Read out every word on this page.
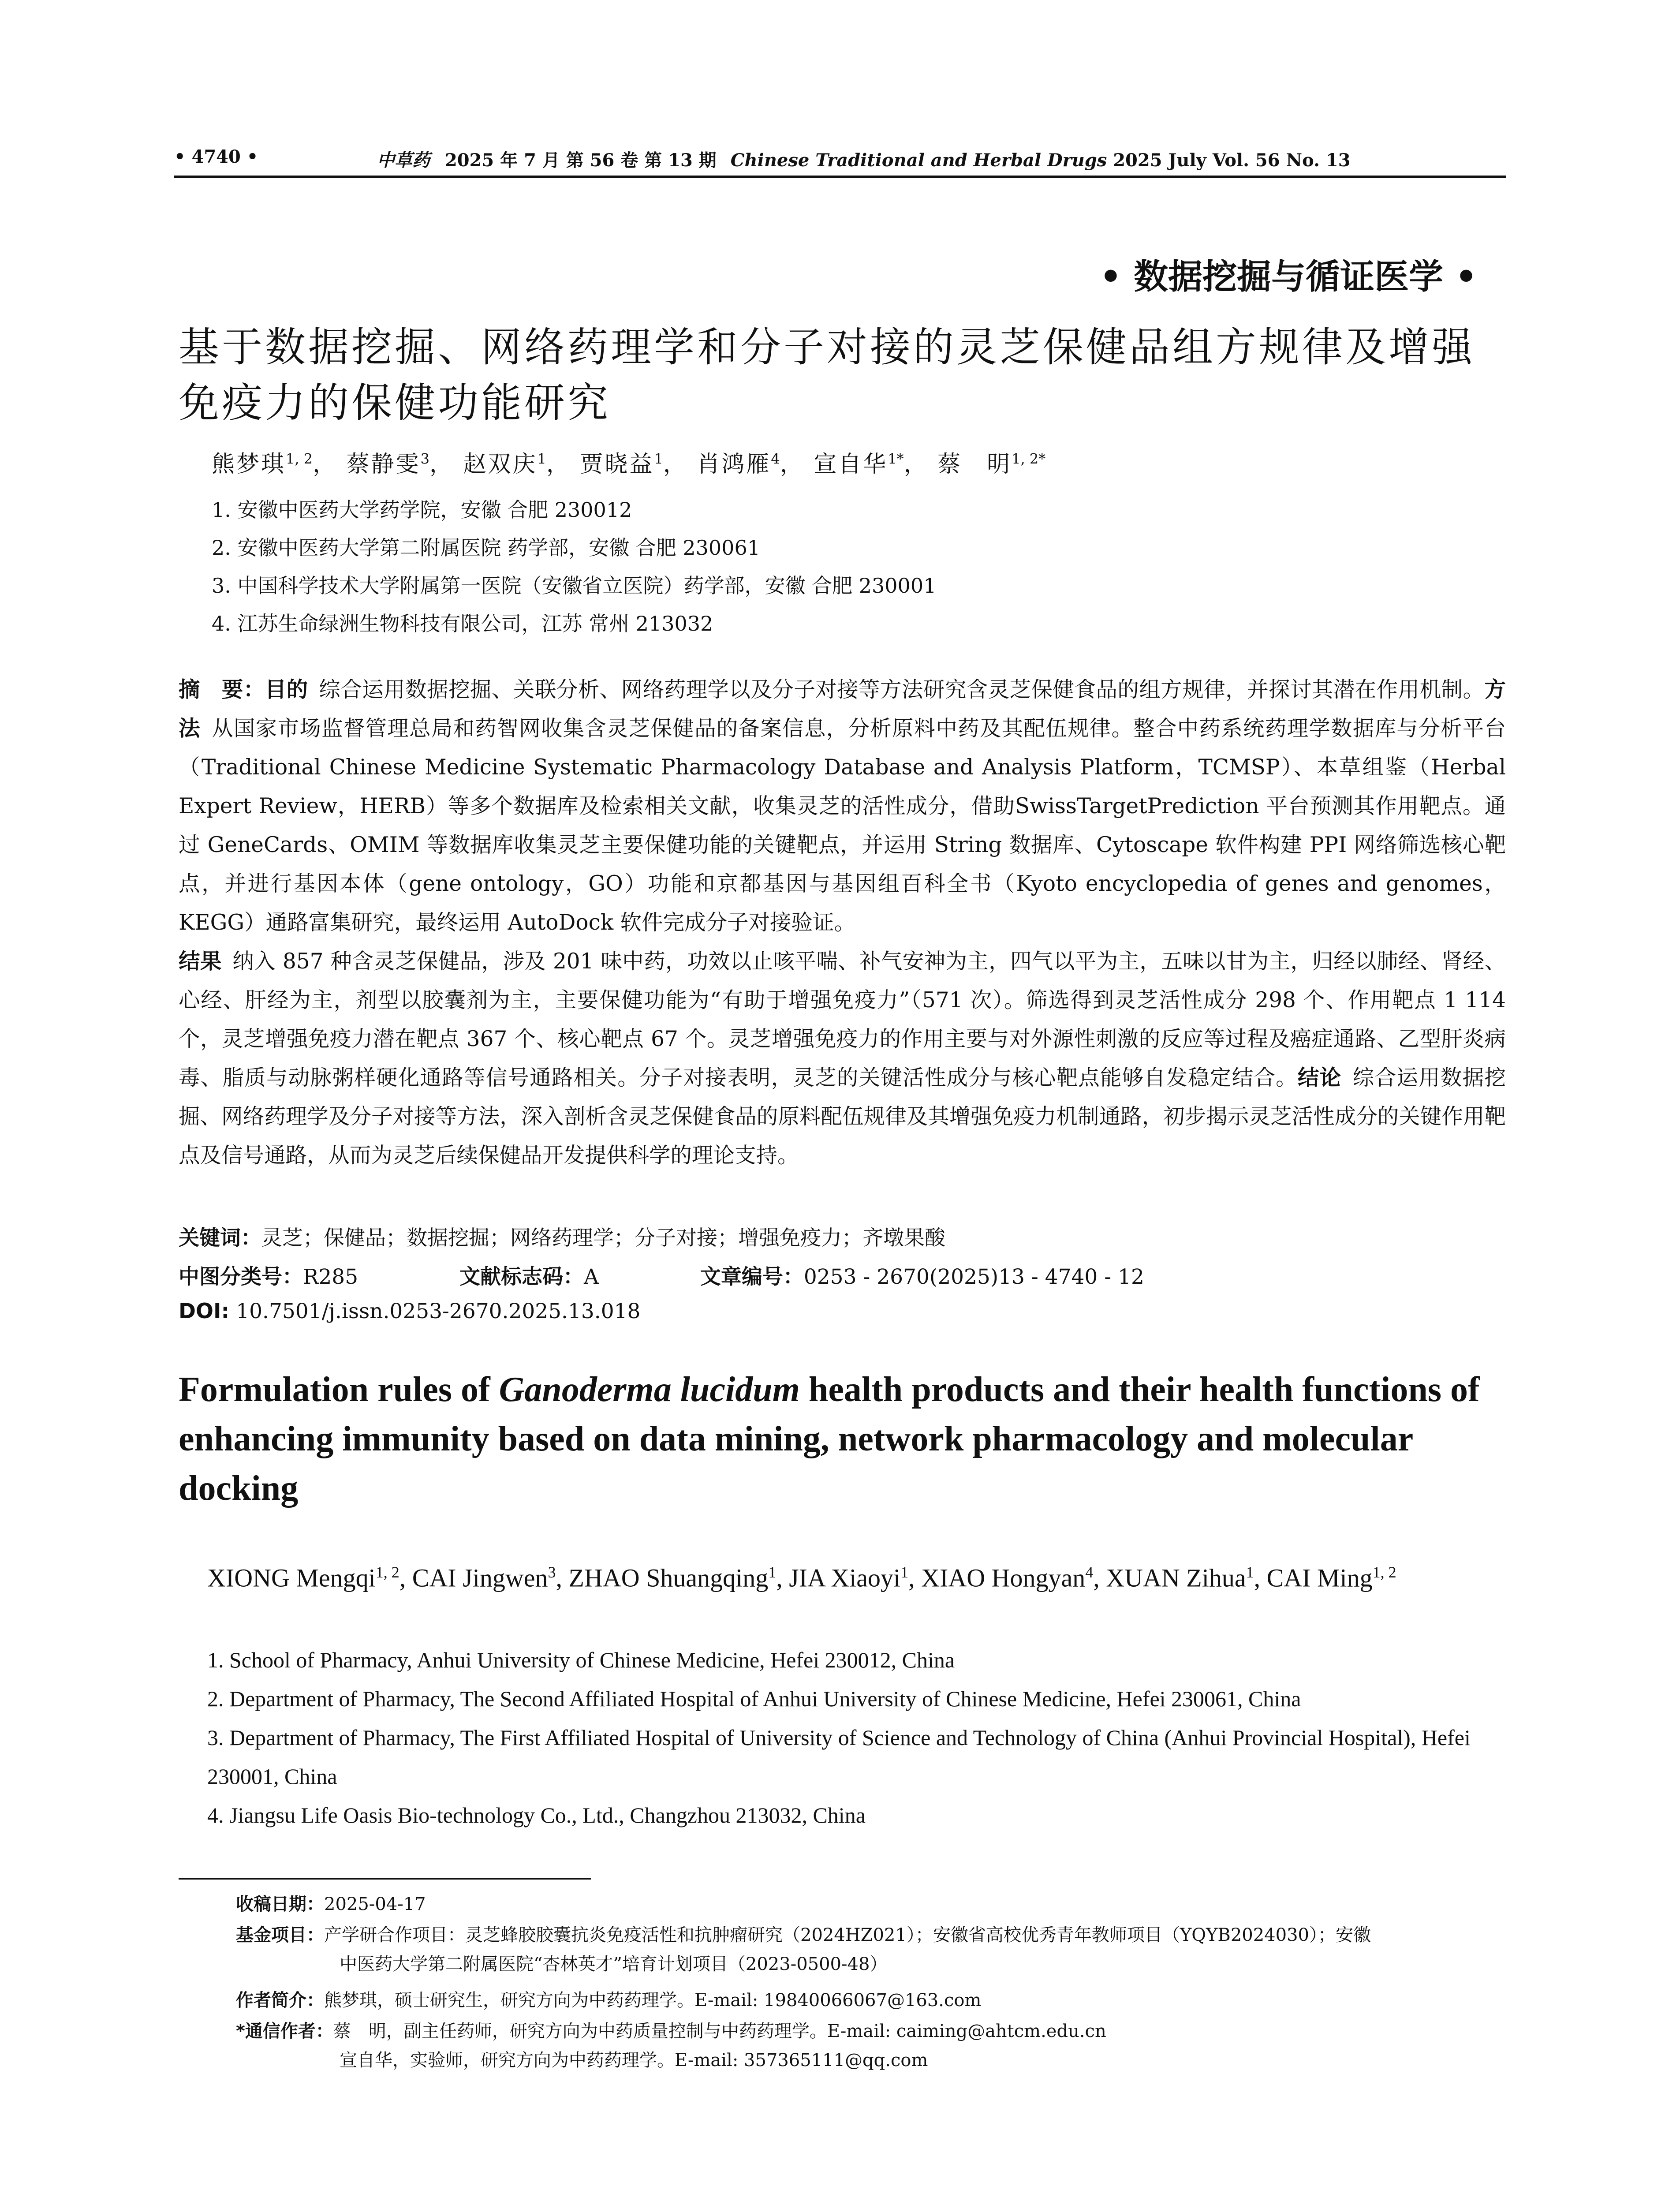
• 4740 •	中草药 2025 年 7 月 第 56 卷 第 13 期 Chinese Traditional and Herbal Drugs 2025 July Vol. 56 No. 13
• 数据挖掘与循证医学 •
基于数据挖掘、网络药理学和分子对接的灵芝保健品组方规律及增强免疫力的保健功能研究
熊梦琪$^{1, 2}$， 蔡静雯$^3$， 赵双庆$^1$， 贾晓益$^1$， 肖鸿雁$^4$， 宣自华$^{1*}$， 蔡　明$^{1, 2*}$
1. 安徽中医药大学药学院，安徽 合肥 230012
2. 安徽中医药大学第二附属医院 药学部，安徽 合肥 230061
3. 中国科学技术大学附属第一医院（安徽省立医院）药学部，安徽 合肥 230001
4. 江苏生命绿洲生物科技有限公司，江苏 常州 213032
摘　要：目的  综合运用数据挖掘、关联分析、网络药理学以及分子对接等方法研究含灵芝保健食品的组方规律，并探讨其潜在作用机制。方法  从国家市场监督管理总局和药智网收集含灵芝保健品的备案信息，分析原料中药及其配伍规律。整合中药系统药理学数据库与分析平台（Traditional Chinese Medicine Systematic Pharmacology Database and Analysis Platform，TCMSP）、本草组鉴（Herbal Expert Review，HERB）等多个数据库及检索相关文献，收集灵芝的活性成分，借助SwissTargetPrediction 平台预测其作用靶点。通过 GeneCards、OMIM 等数据库收集灵芝主要保健功能的关键靶点，并运用 String 数据库、Cytoscape 软件构建 PPI 网络筛选核心靶点，并进行基因本体（gene ontology，GO）功能和京都基因与基因组百科全书（Kyoto encyclopedia of genes and genomes，KEGG）通路富集研究，最终运用 AutoDock 软件完成分子对接验证。
结果  纳入 857 种含灵芝保健品，涉及 201 味中药，功效以止咳平喘、补气安神为主，四气以平为主，五味以甘为主，归经以肺经、肾经、心经、肝经为主，剂型以胶囊剂为主，主要保健功能为“有助于增强免疫力”（571 次）。筛选得到灵芝活性成分 298 个、作用靶点 1 114 个，灵芝增强免疫力潜在靶点 367 个、核心靶点 67 个。灵芝增强免疫力的作用主要与对外源性刺激的反应等过程及癌症通路、乙型肝炎病毒、脂质与动脉粥样硬化通路等信号通路相关。分子对接表明，灵芝的关键活性成分与核心靶点能够自发稳定结合。结论  综合运用数据挖掘、网络药理学及分子对接等方法，深入剖析含灵芝保健食品的原料配伍规律及其增强免疫力机制通路，初步揭示灵芝活性成分的关键作用靶点及信号通路，从而为灵芝后续保健品开发提供科学的理论支持。
关键词：灵芝；保健品；数据挖掘；网络药理学；分子对接；增强免疫力；齐墩果酸
中图分类号：R285	文献标志码：A	文章编号：0253 - 2670(2025)13 - 4740 - 12
DOI: 10.7501/j.issn.0253-2670.2025.13.018
Formulation rules of Ganoderma lucidum health products and their health functions of enhancing immunity based on data mining, network pharmacology and molecular docking
XIONG Mengqi$^{1, 2}$, CAI Jingwen$^3$, ZHAO Shuangqing$^1$, JIA Xiaoyi$^1$, XIAO Hongyan$^4$, XUAN Zihua$^1$, CAI Ming$^{1, 2}$
1. School of Pharmacy, Anhui University of Chinese Medicine, Hefei 230012, China
2. Department of Pharmacy, The Second Affiliated Hospital of Anhui University of Chinese Medicine, Hefei 230061, China
3. Department of Pharmacy, The First Affiliated Hospital of University of Science and Technology of China (Anhui Provincial Hospital), Hefei 230001, China
4. Jiangsu Life Oasis Bio-technology Co., Ltd., Changzhou 213032, China
收稿日期：2025-04-17
基金项目：产学研合作项目：灵芝蜂胶胶囊抗炎免疫活性和抗肿瘤研究（2024HZ021）；安徽省高校优秀青年教师项目（YQYB2024030）；安徽
中医药大学第二附属医院“杏林英才”培育计划项目（2023-0500-48）
作者简介：熊梦琪，硕士研究生，研究方向为中药药理学。E-mail: 19840066067@163.com
*通信作者：蔡　明，副主任药师，研究方向为中药质量控制与中药药理学。E-mail: caiming@ahtcm.edu.cn
宣自华，实验师，研究方向为中药药理学。E-mail: 357365111@qq.com
